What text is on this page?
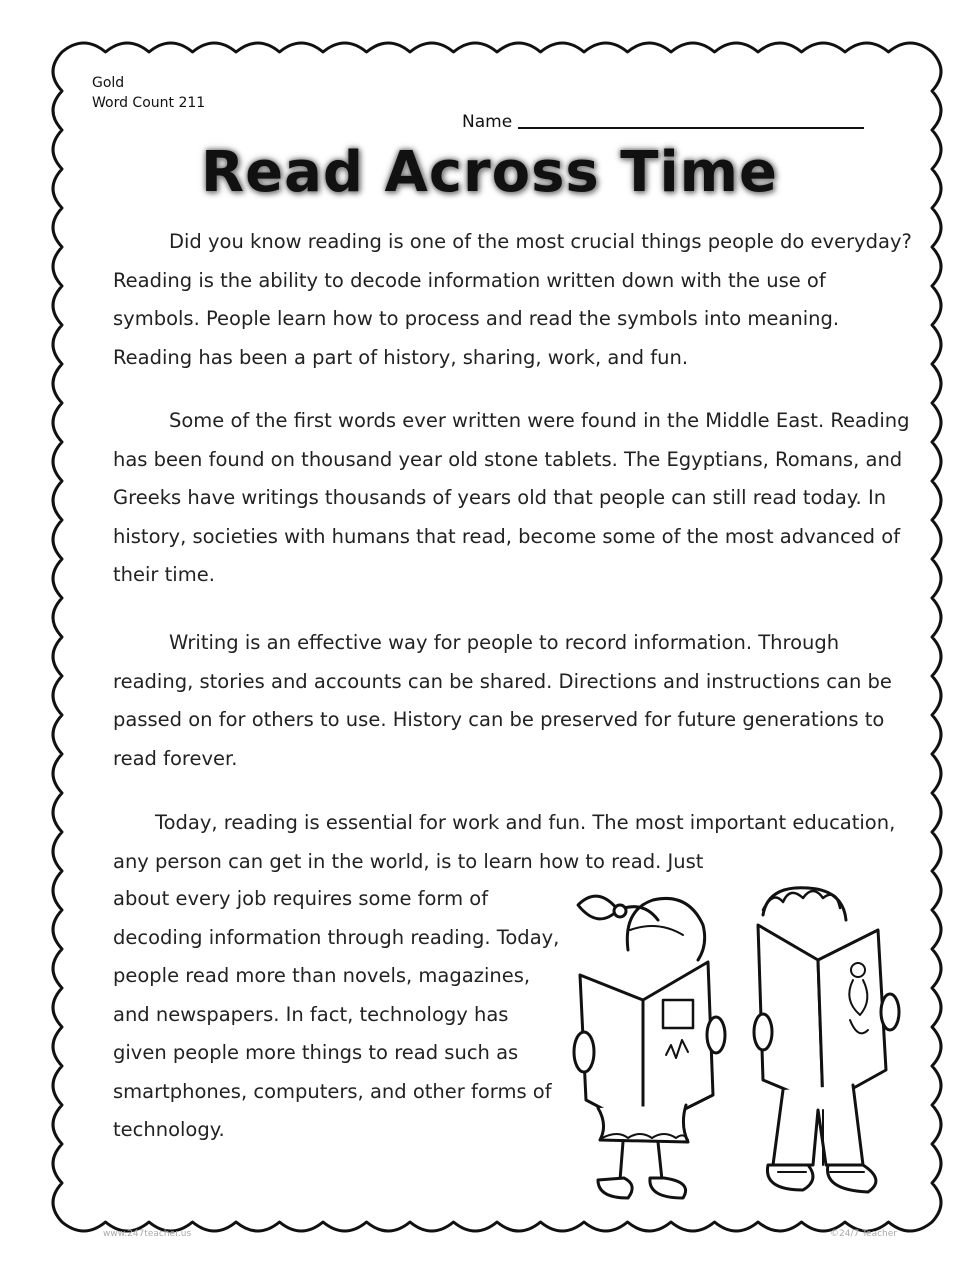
Gold
Word Count 211
Name
Read Across Time

Did you know reading is one of the most crucial things people do everyday? Reading is the ability to decode information written down with the use of symbols. People learn how to process and read the symbols into meaning. Reading has been a part of history, sharing, work, and fun.

Some of the first words ever written were found in the Middle East. Reading has been found on thousand year old stone tablets. The Egyptians, Romans, and Greeks have writings thousands of years old that people can still read today. In history, societies with humans that read, become some of the most advanced of their time.

Writing is an effective way for people to record information. Through reading, stories and accounts can be shared. Directions and instructions can be passed on for others to use. History can be preserved for future generations to read forever.

Today, reading is essential for work and fun. The most important education, any person can get in the world, is to learn how to read. Just

about every job requires some form of decoding information through reading. Today, people read more than novels, magazines, and newspapers. In fact, technology has given people more things to read such as smartphones, computers, and other forms of technology.

www.247teacher.us	©24/7 Teacher
